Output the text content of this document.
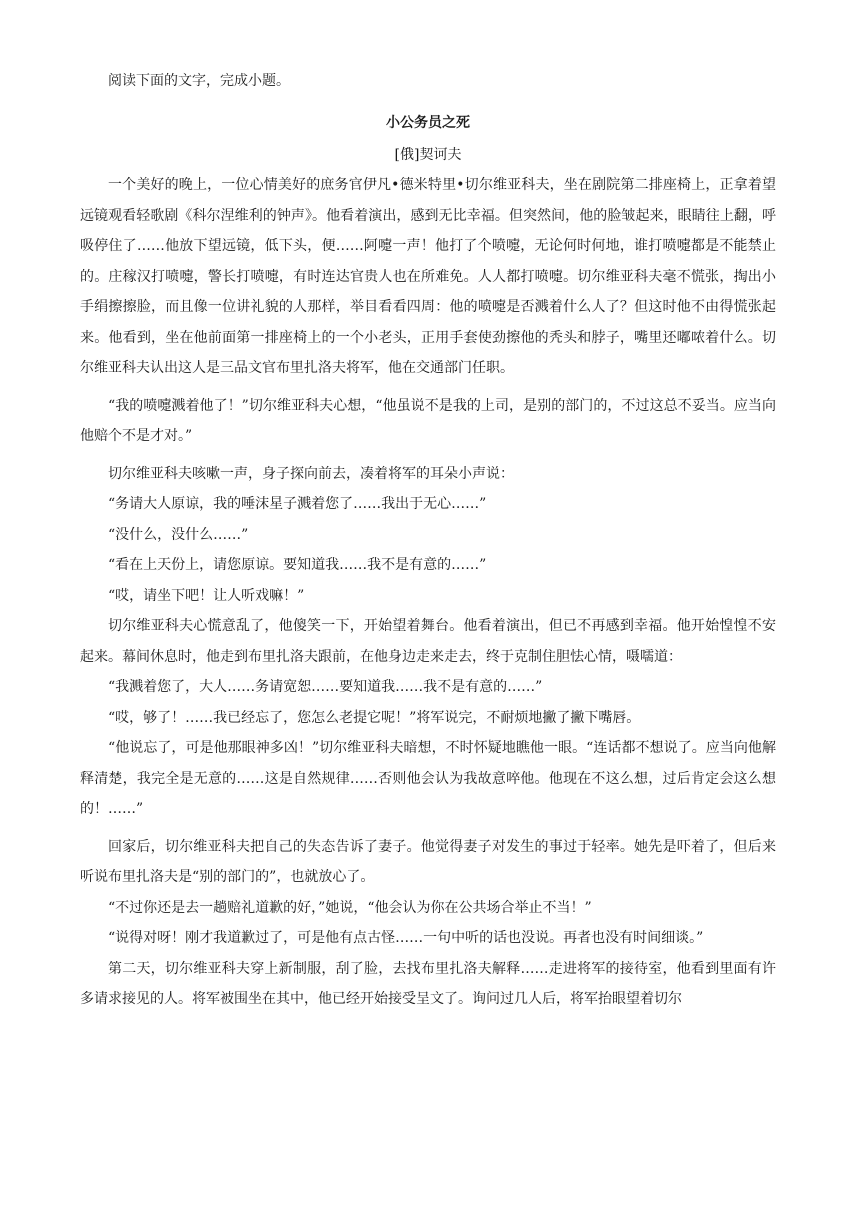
阅读下面的文字，完成小题。

小公务员之死

[俄]契诃夫

一个美好的晚上，一位心情美好的庶务官伊凡•德米特里•切尔维亚科夫，坐在剧院第二排座椅上，正拿着望远镜观看轻歌剧《科尔涅维利的钟声》。他看着演出，感到无比幸福。但突然间，他的脸皱起来，眼睛往上翻，呼吸停住了……他放下望远镜，低下头，便……阿嚏一声！他打了个喷嚏，无论何时何地，谁打喷嚏都是不能禁止的。庄稼汉打喷嚏，警长打喷嚏，有时连达官贵人也在所难免。人人都打喷嚏。切尔维亚科夫毫不慌张，掏出小手绢擦擦脸，而且像一位讲礼貌的人那样，举目看看四周：他的喷嚏是否溅着什么人了？但这时他不由得慌张起来。他看到，坐在他前面第一排座椅上的一个小老头，正用手套使劲擦他的秃头和脖子，嘴里还嘟哝着什么。切尔维亚科夫认出这人是三品文官布里扎洛夫将军，他在交通部门任职。

“我的喷嚏溅着他了！”切尔维亚科夫心想，“他虽说不是我的上司，是别的部门的，不过这总不妥当。应当向他赔个不是才对。”

切尔维亚科夫咳嗽一声，身子探向前去，凑着将军的耳朵小声说：

“务请大人原谅，我的唾沫星子溅着您了……我出于无心……”

“没什么，没什么……”

“看在上天份上，请您原谅。要知道我……我不是有意的……”

“哎，请坐下吧！让人听戏嘛！”

切尔维亚科夫心慌意乱了，他傻笑一下，开始望着舞台。他看着演出，但已不再感到幸福。他开始惶惶不安起来。幕间休息时，他走到布里扎洛夫跟前，在他身边走来走去，终于克制住胆怯心情，嗫嚅道：

“我溅着您了，大人……务请宽恕……要知道我……我不是有意的……”

“哎，够了！……我已经忘了，您怎么老提它呢！”将军说完，不耐烦地撇了撇下嘴唇。

“他说忘了，可是他那眼神多凶！”切尔维亚科夫暗想，不时怀疑地瞧他一眼。“连话都不想说了。应当向他解释清楚，我完全是无意的……这是自然规律……否则他会认为我故意啐他。他现在不这么想，过后肯定会这么想的！……”

回家后，切尔维亚科夫把自己的失态告诉了妻子。他觉得妻子对发生的事过于轻率。她先是吓着了，但后来听说布里扎洛夫是“别的部门的”，也就放心了。

“不过你还是去一趟赔礼道歉的好，”她说，“他会认为你在公共场合举止不当！”

“说得对呀！刚才我道歉过了，可是他有点古怪……一句中听的话也没说。再者也没有时间细谈。”

第二天，切尔维亚科夫穿上新制服，刮了脸，去找布里扎洛夫解释……走进将军的接待室，他看到里面有许多请求接见的人。将军被围坐在其中，他已经开始接受呈文了。询问过几人后，将军抬眼望着切尔
